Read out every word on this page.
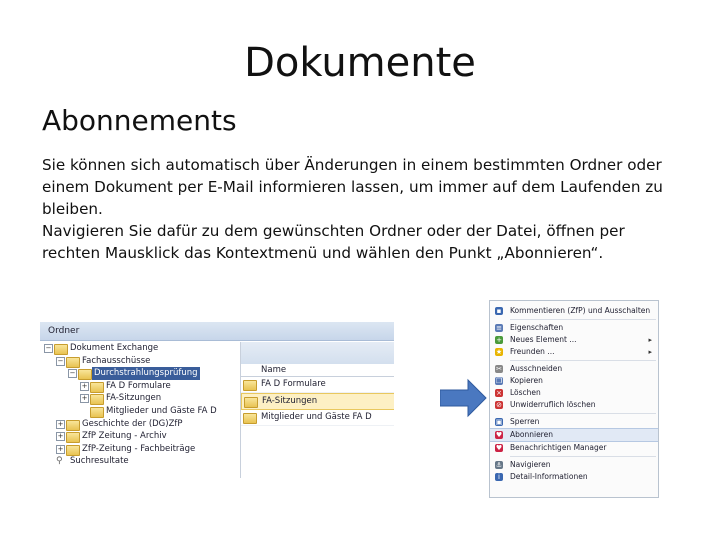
Dokumente
Abonnements
Sie können sich automatisch über Änderungen in einem bestimmten Ordner oder einem Dokument per E-Mail informieren lassen, um immer auf dem Laufenden zu bleiben.
Navigieren Sie dafür zu dem gewünschten Ordner oder der Datei, öffnen per rechten Mausklick das Kontextmenü und wählen den Punkt „Abonnieren“.
Ordner
− Dokument Exchange
− Fachausschüsse
− Durchstrahlungsprüfung
+ FA D Formulare
+ FA-Sitzungen
Mitglieder und Gäste FA D
+ Geschichte der (DG)ZfP
+ ZfP Zeitung - Archiv
+ ZfP-Zeitung - Fachbeiträge
⚲ Suchresultate
Name
FA D Formulare
FA-Sitzungen
Mitglieder und Gäste FA D
▪ Kommentieren (ZfP) und Ausschalten
≡ Eigenschaften
+ Neues Element ...	▸
★ Freunden ...	▸
✂ Ausschneiden
❐ Kopieren
× Löschen
⊘ Unwiderruflich löschen
▣ Sperren
♥ Abonnieren
♥ Benachrichtigen Manager
⚓ Navigieren
i	Detail-Informationen
